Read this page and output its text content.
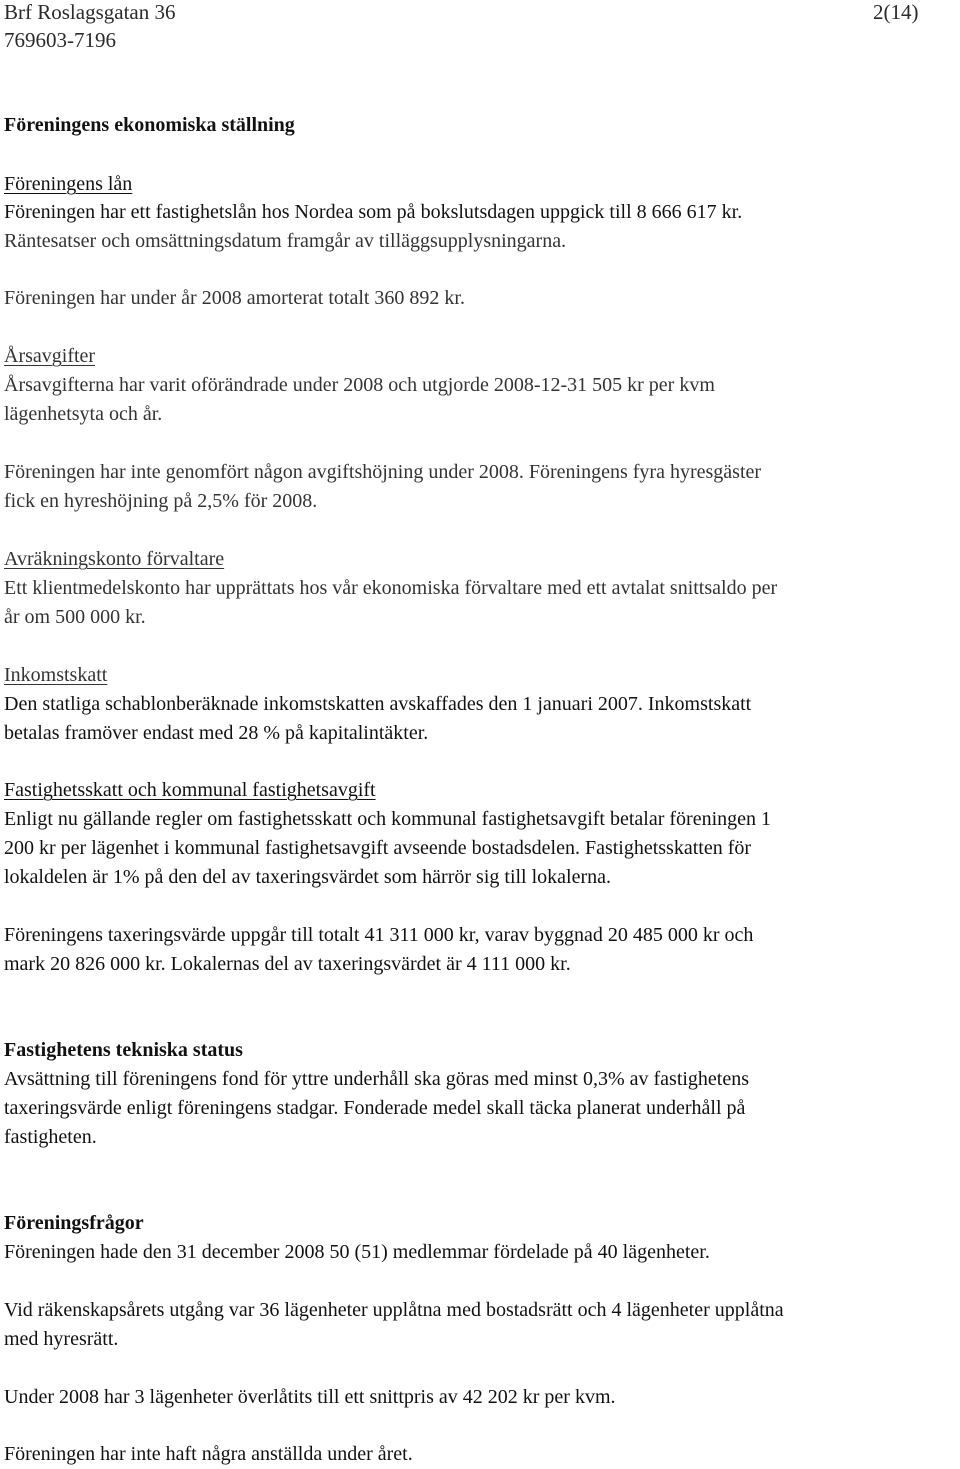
Brf Roslagsgatan 36
769603-7196
2(14)
Föreningens ekonomiska ställning
Föreningens lån
Föreningen har ett fastighetslån hos Nordea som på bokslutsdagen uppgick till 8 666 617 kr.
Räntesatser och omsättningsdatum framgår av tilläggsupplysningarna.
Föreningen har under år 2008 amorterat totalt 360 892 kr.
Årsavgifter
Årsavgifterna har varit oförändrade under 2008 och utgjorde 2008-12-31 505 kr per kvm
lägenhetsyta och år.
Föreningen har inte genomfört någon avgiftshöjning under 2008. Föreningens fyra hyresgäster
fick en hyreshöjning på 2,5% för 2008.
Avräkningskonto förvaltare
Ett klientmedelskonto har upprättats hos vår ekonomiska förvaltare med ett avtalat snittsaldo per
år om 500 000 kr.
Inkomstskatt
Den statliga schablonberäknade inkomstskatten avskaffades den 1 januari 2007. Inkomstskatt
betalas framöver endast med 28 % på kapitalintäkter.
Fastighetsskatt och kommunal fastighetsavgift
Enligt nu gällande regler om fastighetsskatt och kommunal fastighetsavgift betalar föreningen 1
200 kr per lägenhet i kommunal fastighetsavgift avseende bostadsdelen. Fastighetsskatten för
lokaldelen är 1% på den del av taxeringsvärdet som härrör sig till lokalerna.
Föreningens taxeringsvärde uppgår till totalt 41 311 000 kr, varav byggnad 20 485 000 kr och
mark 20 826 000 kr. Lokalernas del av taxeringsvärdet är 4 111 000 kr.
Fastighetens tekniska status
Avsättning till föreningens fond för yttre underhåll ska göras med minst 0,3% av fastighetens
taxeringsvärde enligt föreningens stadgar. Fonderade medel skall täcka planerat underhåll på
fastigheten.
Föreningsfrågor
Föreningen hade den 31 december 2008 50 (51) medlemmar fördelade på 40 lägenheter.
Vid räkenskapsårets utgång var 36 lägenheter upplåtna med bostadsrätt och 4 lägenheter upplåtna
med hyresrätt.
Under 2008 har 3 lägenheter överlåtits till ett snittpris av 42 202 kr per kvm.
Föreningen har inte haft några anställda under året.
